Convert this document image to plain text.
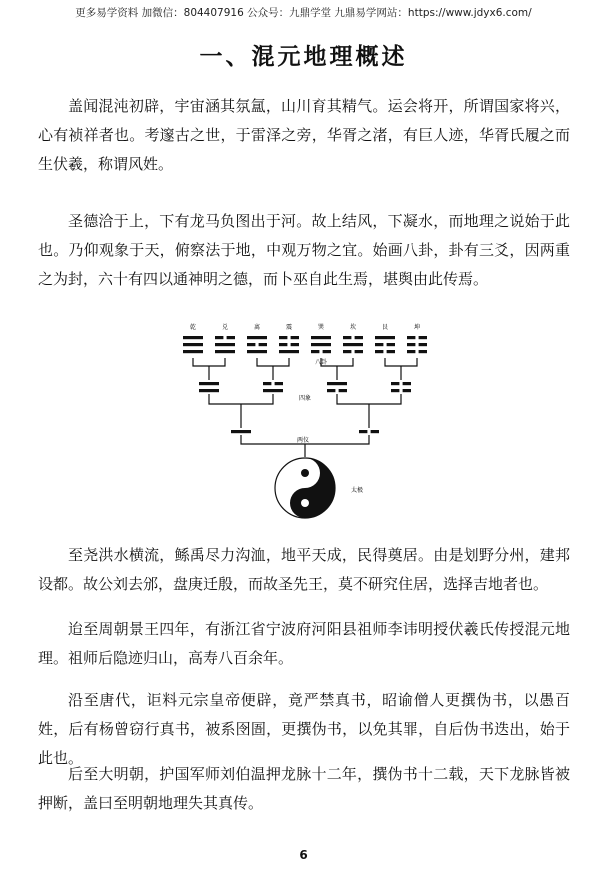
更多易学资料 加微信：804407916 公众号：九鼎学堂 九鼎易学网站：https://www.jdyx6.com/
一、混元地理概述

盖闻混沌初辟，宇宙涵其氛氲，山川育其精气。运会将开，所谓国家将兴，心有祯祥者也。考邃古之世，于雷泽之旁，华胥之渚，有巨人迹，华胥氏履之而生伏羲，称谓风姓。

圣德洽于上，下有龙马负图出于河。故上结风，下凝水，而地理之说始于此也。乃仰观象于天，俯察法于地，中观万物之宜。始画八卦，卦有三爻，因两重之为封，六十有四以通神明之德，而卜巫自此生焉，堪舆由此传焉。

乾	兑	离	震	巽	坎	艮	坤
八卦
四象
两仪
太极

至尧洪水横流，鲧禹尽力沟洫，地平天成，民得奠居。由是划野分州，建邦设都。故公刘去邠，盘庚迁殷，而故圣先王，莫不研究住居，选择吉地者也。

迨至周朝景王四年，有浙江省宁波府河阳县祖师李讳明授伏羲氏传授混元地理。祖师后隐迹归山，高寿八百余年。

沿至唐代，讵料元宗皇帝便辟，竟严禁真书，昭谕僧人更撰伪书，以愚百姓，后有杨曾窃行真书，被系囹圄，更撰伪书，以免其罪，自后伪书迭出，始于此也。

后至大明朝，护国军师刘伯温押龙脉十二年，撰伪书十二载，天下龙脉皆被押断，盖曰至明朝地理失其真传。

6
